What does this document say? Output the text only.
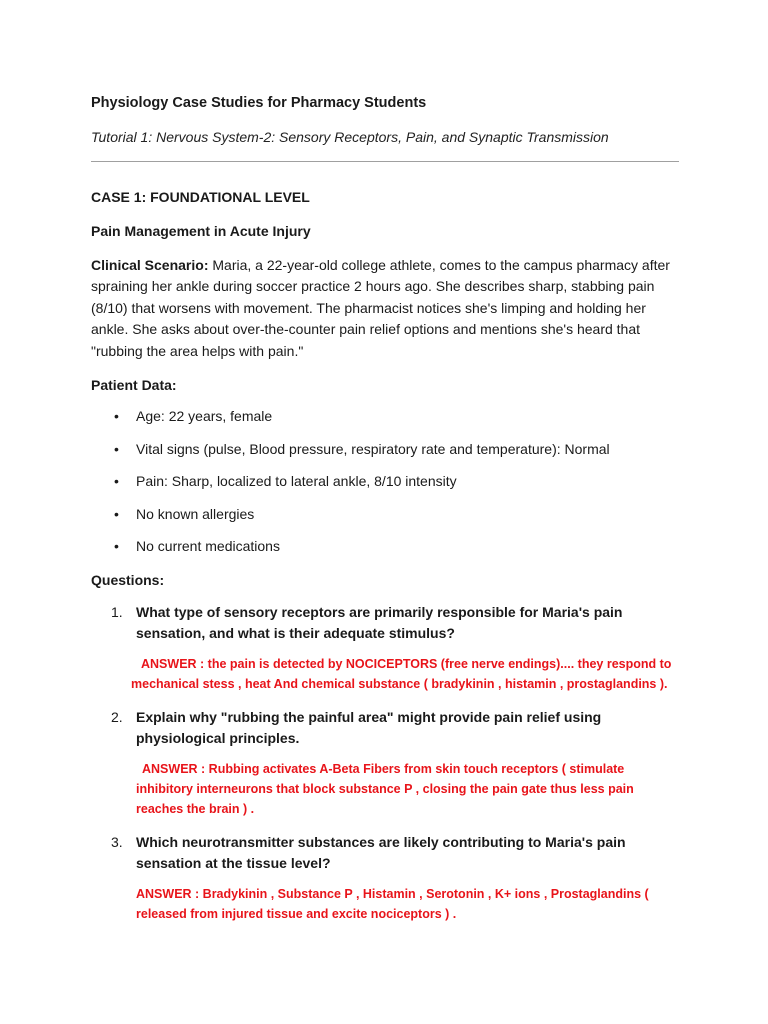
Physiology Case Studies for Pharmacy Students

Tutorial 1: Nervous System-2: Sensory Receptors, Pain, and Synaptic Transmission

CASE 1: FOUNDATIONAL LEVEL

Pain Management in Acute Injury

Clinical Scenario: Maria, a 22-year-old college athlete, comes to the campus pharmacy after spraining her ankle during soccer practice 2 hours ago. She describes sharp, stabbing pain (8/10) that worsens with movement. The pharmacist notices she's limping and holding her ankle. She asks about over-the-counter pain relief options and mentions she's heard that "rubbing the area helps with pain."

Patient Data:

• Age: 22 years, female
• Vital signs (pulse, Blood pressure, respiratory rate and temperature): Normal
• Pain: Sharp, localized to lateral ankle, 8/10 intensity
• No known allergies
• No current medications

Questions:

1. What type of sensory receptors are primarily responsible for Maria's pain sensation, and what is their adequate stimulus?
ANSWER : the pain is detected by NOCICEPTORS (free nerve endings).... they respond to mechanical stess , heat And chemical substance ( bradykinin , histamin , prostaglandins ).
2. Explain why "rubbing the painful area" might provide pain relief using physiological principles.
ANSWER : Rubbing activates A-Beta Fibers from skin touch receptors ( stimulate inhibitory interneurons that block substance P , closing the pain gate thus less pain reaches the brain ) .
3. Which neurotransmitter substances are likely contributing to Maria's pain sensation at the tissue level?
ANSWER : Bradykinin , Substance P , Histamin , Serotonin , K+ ions , Prostaglandins ( released from injured tissue and excite nociceptors ) .
